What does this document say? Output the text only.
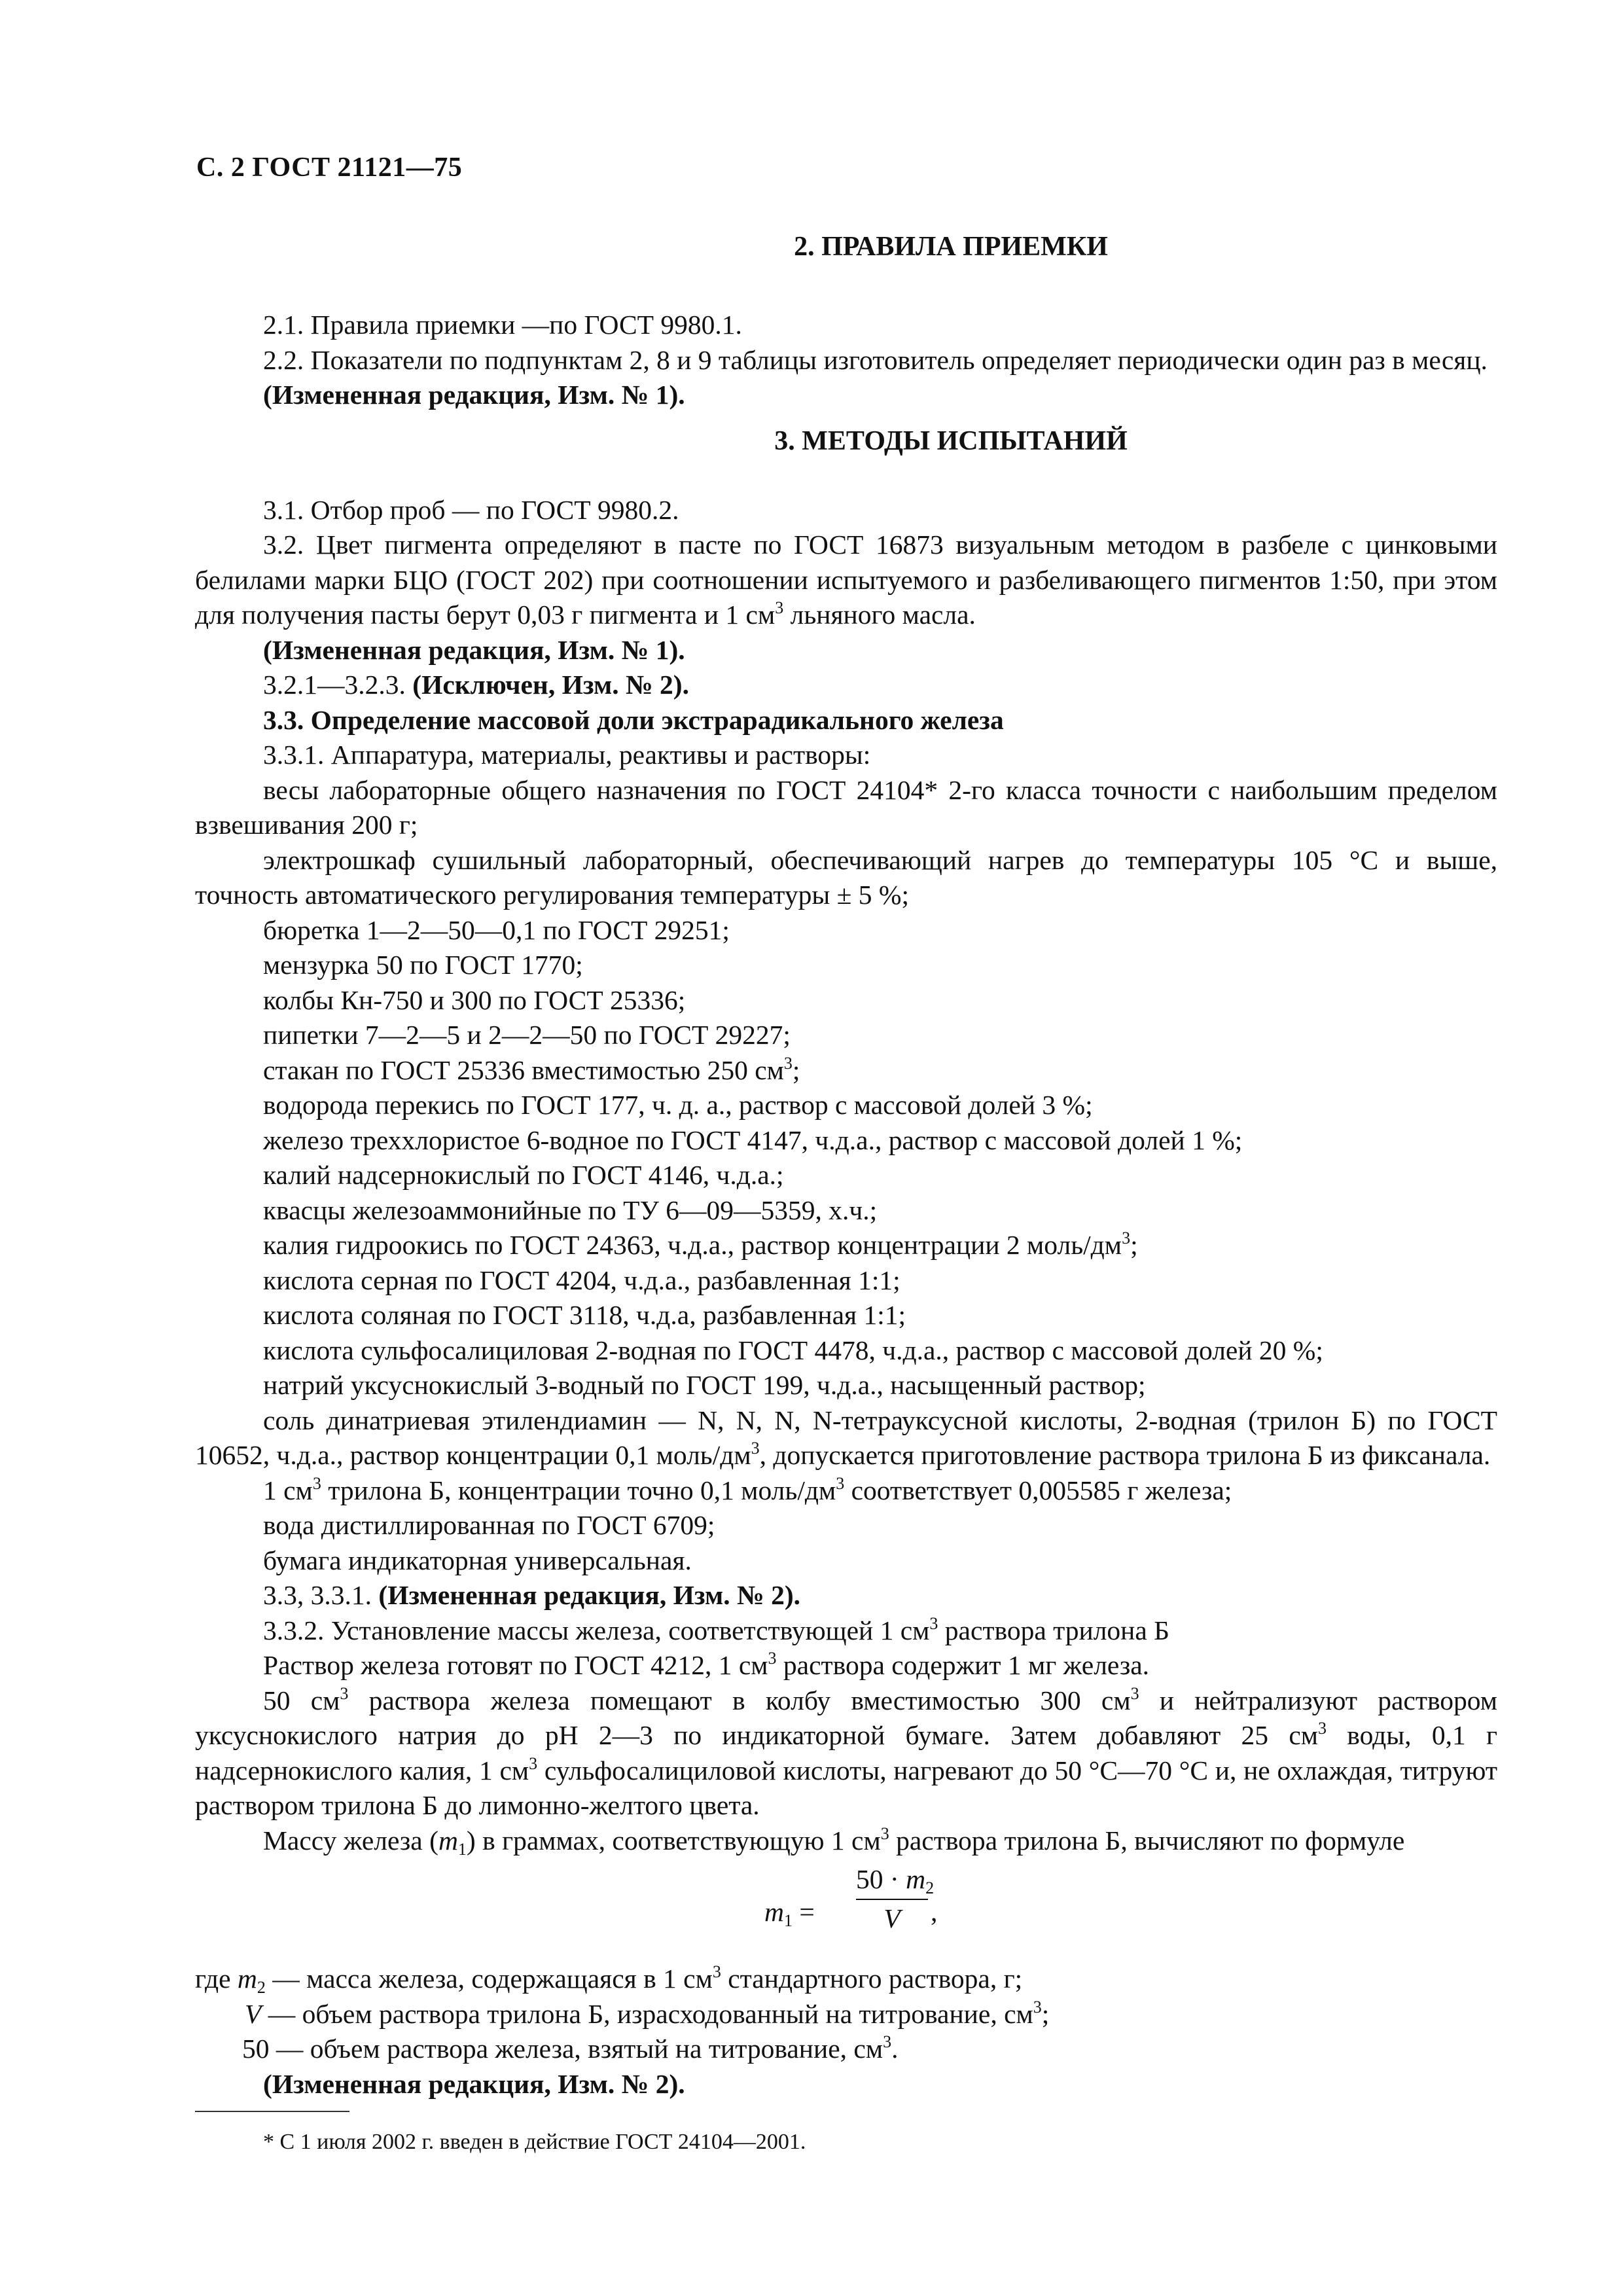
С. 2 ГОСТ 21121—75
2. ПРАВИЛА ПРИЕМКИ

2.1. Правила приемки —по ГОСТ 9980.1.

2.2. Показатели по подпунктам 2, 8 и 9 таблицы изготовитель определяет периодически один раз в месяц.

(Измененная редакция, Изм. № 1).

3. МЕТОДЫ ИСПЫТАНИЙ

3.1. Отбор проб — по ГОСТ 9980.2.

3.2. Цвет пигмента определяют в пасте по ГОСТ 16873 визуальным методом в разбеле с цинковыми белилами марки БЦО (ГОСТ 202) при соотношении испытуемого и разбеливающего пигментов 1:50, при этом для получения пасты берут 0,03 г пигмента и 1 $см^3$ льняного масла.

(Измененная редакция, Изм. № 1).

3.2.1—3.2.3. (Исключен, Изм. № 2).

3.3. Определение массовой доли экстрарадикального железа

3.3.1. Аппаратура, материалы, реактивы и растворы:

весы лабораторные общего назначения по ГОСТ 24104* 2-го класса точности с наибольшим пределом взвешивания 200 г;

электрошкаф сушильный лабораторный, обеспечивающий нагрев до температуры 105 °С и выше, точность автоматического регулирования температуры ± 5 %;

бюретка 1—2—50—0,1 по ГОСТ 29251;

мензурка 50 по ГОСТ 1770;

колбы Кн-750 и 300 по ГОСТ 25336;

пипетки 7—2—5 и 2—2—50 по ГОСТ 29227;

стакан по ГОСТ 25336 вместимостью 250 $см^3$;

водорода перекись по ГОСТ 177, ч. д. а., раствор с массовой долей 3 %;

железо треххлористое 6-водное по ГОСТ 4147, ч.д.а., раствор с массовой долей 1 %;

калий надсернокислый по ГОСТ 4146, ч.д.а.;

квасцы железоаммонийные по ТУ 6—09—5359, х.ч.;

калия гидроокись по ГОСТ 24363, ч.д.а., раствор концентрации 2 моль/$дм^3$;

кислота серная по ГОСТ 4204, ч.д.а., разбавленная 1:1;

кислота соляная по ГОСТ 3118, ч.д.а, разбавленная 1:1;

кислота сульфосалициловая 2-водная по ГОСТ 4478, ч.д.а., раствор с массовой долей 20 %;

натрий уксуснокислый 3-водный по ГОСТ 199, ч.д.а., насыщенный раствор;

соль динатриевая этилендиамин — N, N, N, N-тетрауксусной кислоты, 2-водная (трилон Б) по ГОСТ 10652, ч.д.а., раствор концентрации 0,1 моль/$дм^3$, допускается приготовление раствора трилона Б из фиксанала.

1 $см^3$ трилона Б, концентрации точно 0,1 моль/$дм^3$ соответствует 0,005585 г железа;

вода дистиллированная по ГОСТ 6709;

бумага индикаторная универсальная.

3.3, 3.3.1. (Измененная редакция, Изм. № 2).

3.3.2. Установление массы железа, соответствующей 1 $см^3$ раствора трилона Б

Раствор железа готовят по ГОСТ 4212, 1 $см^3$ раствора содержит 1 мг железа.

50 $см^3$ раствора железа помещают в колбу вместимостью 300 $см^3$ и нейтрализуют раствором уксуснокислого натрия до pH 2—3 по индикаторной бумаге. Затем добавляют 25 $см^3$ воды, 0,1 г надсернокислого калия, 1 $см^3$ сульфосалициловой кислоты, нагревают до 50 °С—70 °С и, не охлаждая, титруют раствором трилона Б до лимонно-желтого цвета.

Массу железа $(m_1)$ в граммах, соответствующую 1 $см^3$ раствора трилона Б, вычисляют по формуле

$m_1$ =
$50 \cdot m_2$
V	,

где $m_2$ — масса железа, содержащаяся в 1 $см^3$ стандартного раствора, г;

V — объем раствора трилона Б, израсходованный на титрование, $см^3$;

50 — объем раствора железа, взятый на титрование, $см^3$.

(Измененная редакция, Изм. № 2).

* С 1 июля 2002 г. введен в действие ГОСТ 24104—2001.
